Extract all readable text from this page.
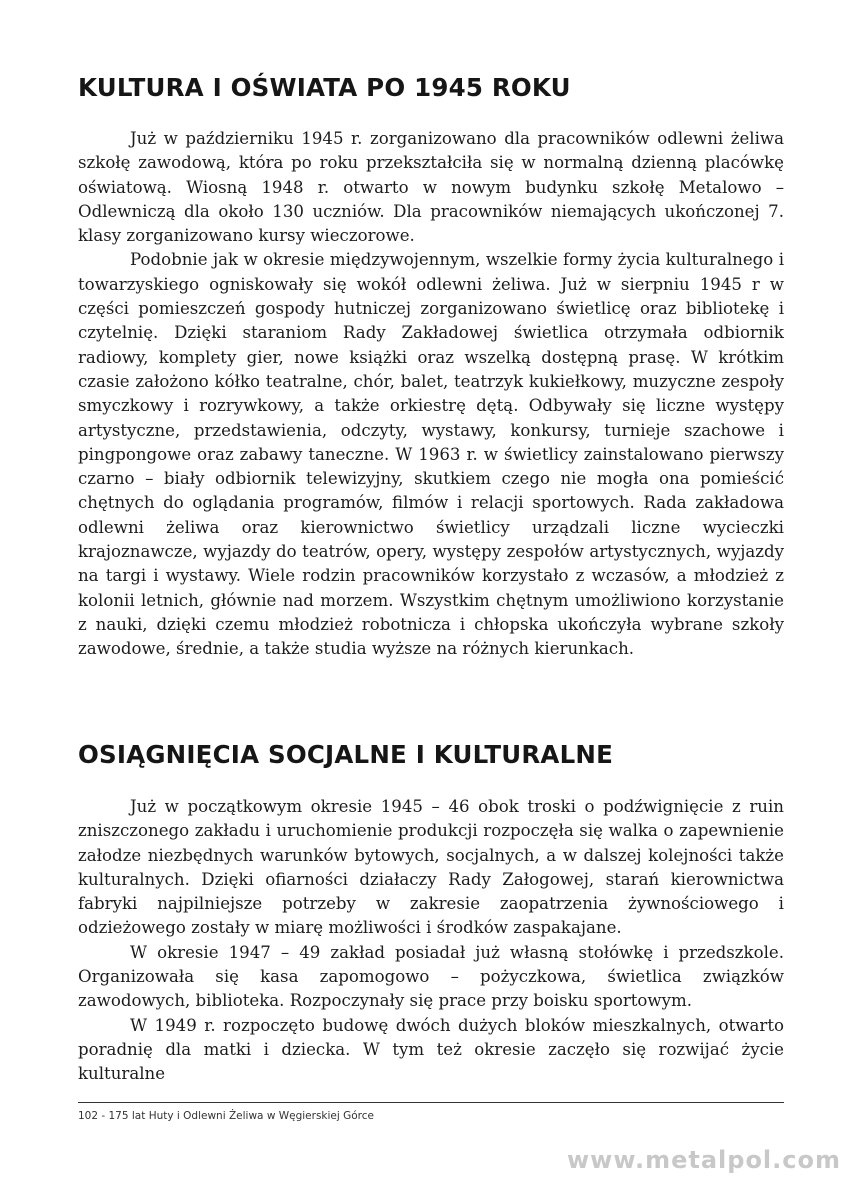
KULTURA I OŚWIATA PO 1945 ROKU

Już w październiku 1945 r. zorganizowano dla pracowników odlewni żeliwa szkołę zawodową, która po roku przekształciła się w normalną dzienną placówkę oświatową. Wiosną 1948 r. otwarto w nowym budynku szkołę Metalowo – Odlewniczą dla około 130 uczniów. Dla pracowników niemających ukończonej 7. klasy zorganizowano kursy wieczorowe.

Podobnie jak w okresie międzywojennym, wszelkie formy życia kulturalnego i towarzyskiego ogniskowały się wokół odlewni żeliwa. Już w sierpniu 1945 r w części pomieszczeń gospody hutniczej zorganizowano świetlicę oraz bibliotekę i czytelnię. Dzięki staraniom Rady Zakładowej świetlica otrzymała odbiornik radiowy, komplety gier, nowe książki oraz wszelką dostępną prasę. W krótkim czasie założono kółko teatralne, chór, balet, teatrzyk kukiełkowy, muzyczne zespoły smyczkowy i rozrywkowy, a także orkiestrę dętą. Odbywały się liczne występy artystyczne, przedstawienia, odczyty, wystawy, konkursy, turnieje szachowe i pingpongowe oraz zabawy taneczne. W 1963 r. w świetlicy zainstalowano pierwszy czarno – biały odbiornik telewizyjny, skutkiem czego nie mogła ona pomieścić chętnych do oglądania programów, filmów i relacji sportowych. Rada zakładowa odlewni żeliwa oraz kierownictwo świetlicy urządzali liczne wycieczki krajoznawcze, wyjazdy do teatrów, opery, występy zespołów artystycznych, wyjazdy na targi i wystawy. Wiele rodzin pracowników korzystało z wczasów, a młodzież z kolonii letnich, głównie nad morzem. Wszystkim chętnym umożliwiono korzystanie z nauki, dzięki czemu młodzież robotnicza i chłopska ukończyła wybrane szkoły zawodowe, średnie, a także studia wyższe na różnych kierunkach.

OSIĄGNIĘCIA SOCJALNE I KULTURALNE

Już w początkowym okresie 1945 – 46 obok troski o podźwignięcie z ruin zniszczonego zakładu i uruchomienie produkcji rozpoczęła się walka o zapewnienie załodze niezbędnych warunków bytowych, socjalnych, a w dalszej kolejności także kulturalnych. Dzięki ofiarności działaczy Rady Załogowej, starań kierownictwa fabryki najpilniejsze potrzeby w zakresie zaopatrzenia żywnościowego i odzieżowego zostały w miarę możliwości i środków zaspakajane.

W okresie 1947 – 49 zakład posiadał już własną stołówkę i przedszkole. Organizowała się kasa zapomogowo – pożyczkowa, świetlica związków zawodowych, biblioteka. Rozpoczynały się prace przy boisku sportowym.

W 1949 r. rozpoczęto budowę dwóch dużych bloków mieszkalnych, otwarto poradnię dla matki i dziecka. W tym też okresie zaczęło się rozwijać życie kulturalne

102 - 175 lat Huty i Odlewni Żeliwa w Węgierskiej Górce
www.metalpol.com
